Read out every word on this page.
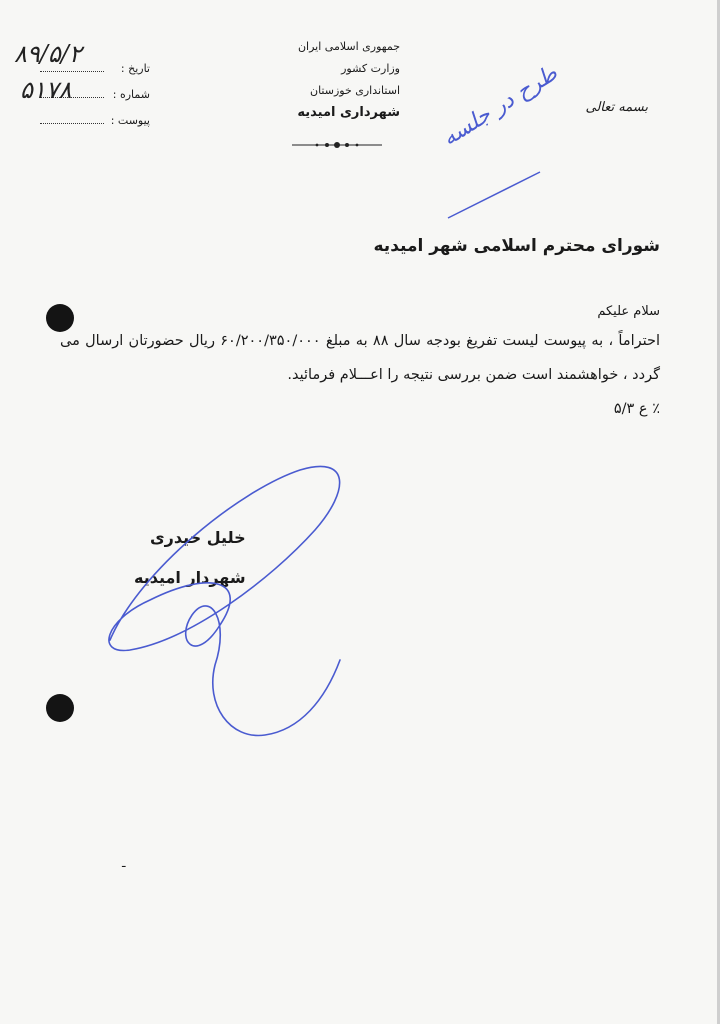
جمهوری اسلامی ایران
وزارت کشور
استانداری خوزستان
شهرداری امیدیه
تاریخ :
شماره :
پیوست :
۸۹/۵/۲
۵۱۷۸
بسمه تعالی
طرح در جلسه
شورای محترم اسلامی شهر امیدیه

سلام علیکم

احتراماً ، به پیوست لیست تفریغ بودجه سال ۸۸ به مبلغ ۶۰/۲۰۰/۳۵۰/۰۰۰ ریال حضورتان ارسال می گردد ، خواهشمند است ضمن بررسی نتیجه را اعـــلام فرمائید.

٪ ع ۵/۳

خلیل حیدری
شهردار امیدیه
ـ
